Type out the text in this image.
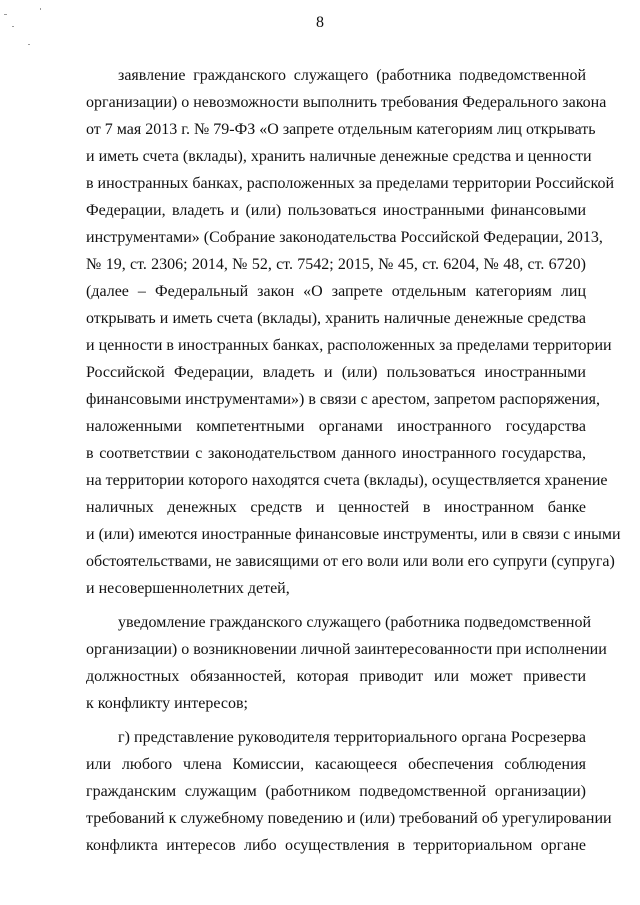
8
заявление гражданского служащего (работника подведомственной
организации) о невозможности выполнить требования Федерального закона
от 7 мая 2013 г. № 79-ФЗ «О запрете отдельным категориям лиц открывать
и иметь счета (вклады), хранить наличные денежные средства и ценности
в иностранных банках, расположенных за пределами территории Российской
Федерации, владеть и (или) пользоваться иностранными финансовыми
инструментами» (Собрание законодательства Российской Федерации, 2013,
№ 19, ст. 2306; 2014, № 52, ст. 7542; 2015, № 45, ст. 6204, № 48, ст. 6720)
(далее – Федеральный закон «О запрете отдельным категориям лиц
открывать и иметь счета (вклады), хранить наличные денежные средства
и ценности в иностранных банках, расположенных за пределами территории
Российской Федерации, владеть и (или) пользоваться иностранными
финансовыми инструментами») в связи с арестом, запретом распоряжения,
наложенными компетентными органами иностранного государства
в соответствии с законодательством данного иностранного государства,
на территории которого находятся счета (вклады), осуществляется хранение
наличных денежных средств и ценностей в иностранном банке
и (или) имеются иностранные финансовые инструменты, или в связи с иными
обстоятельствами, не зависящими от его воли или воли его супруги (супруга)
и несовершеннолетних детей,
уведомление гражданского служащего (работника подведомственной
организации) о возникновении личной заинтересованности при исполнении
должностных обязанностей, которая приводит или может привести
к конфликту интересов;
г) представление руководителя территориального органа Росрезерва
или любого члена Комиссии, касающееся обеспечения соблюдения
гражданским служащим (работником подведомственной организации)
требований к служебному поведению и (или) требований об урегулировании
конфликта интересов либо осуществления в территориальном органе
